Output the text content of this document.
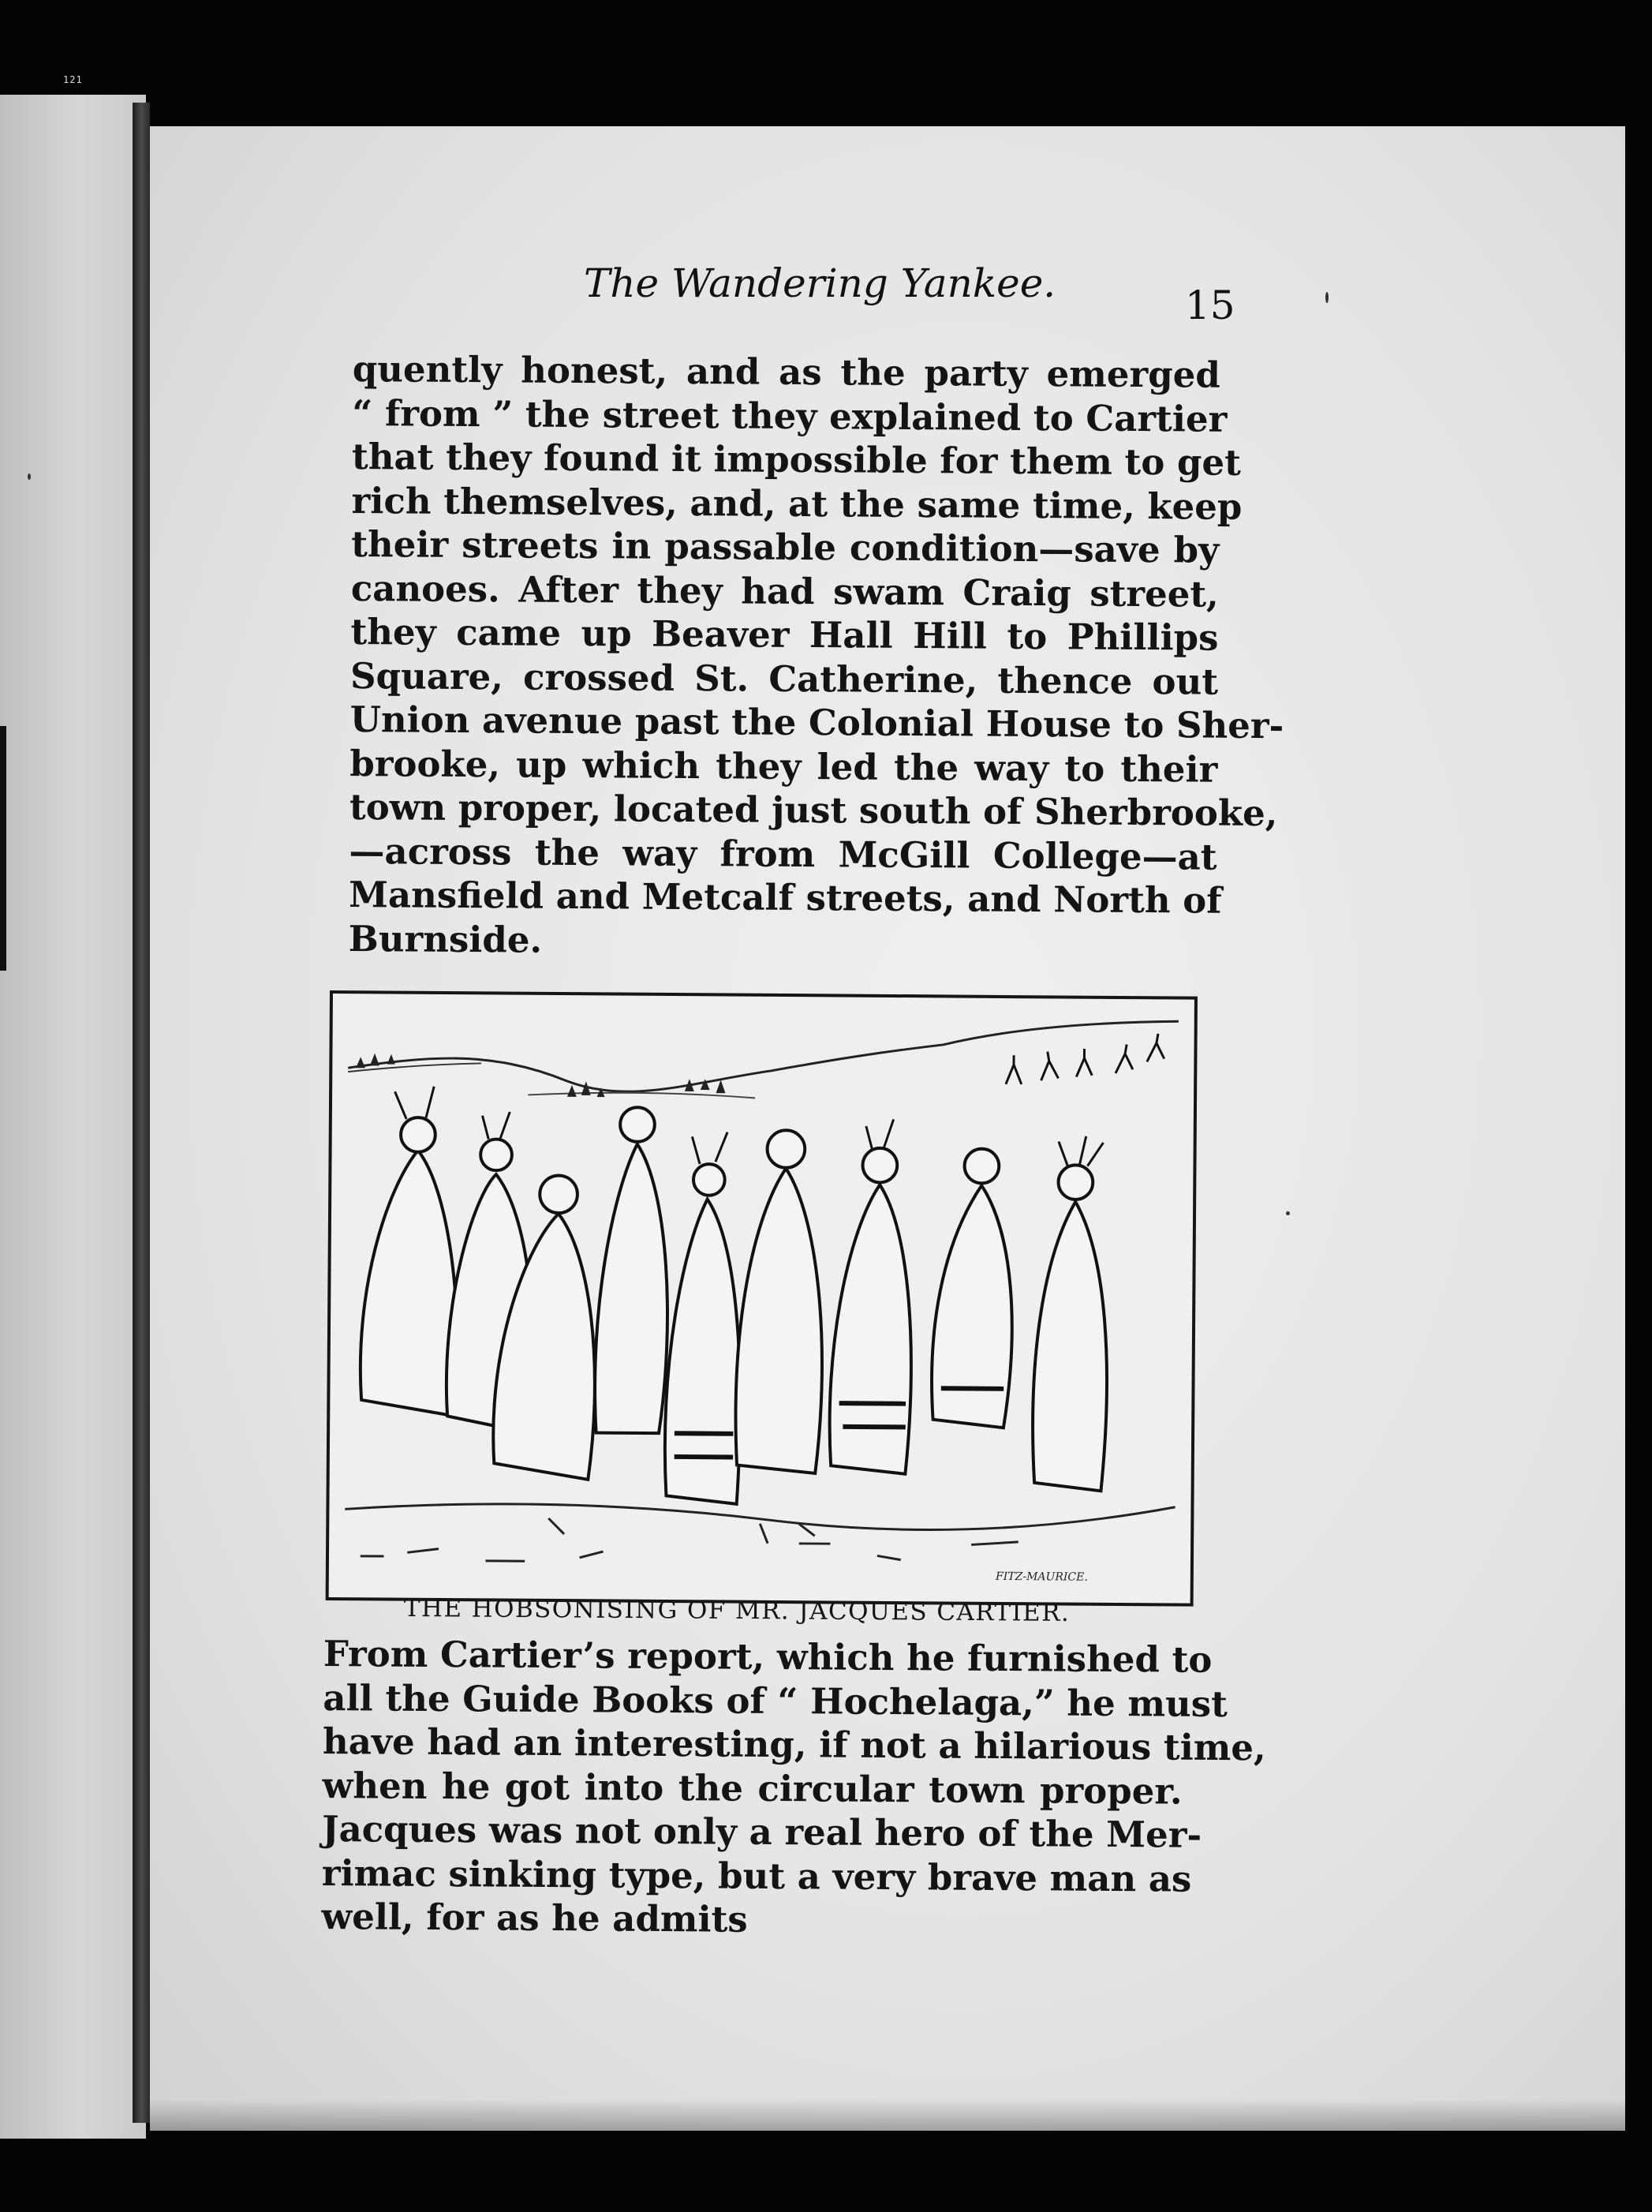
121
The Wandering Yankee.	15

quently honest, and as the party emerged
“ from ” the street they explained to Cartier
that they found it impossible for them to get
rich themselves, and, at the same time, keep
their streets in passable condition—save by
canoes. After they had swam Craig street,
they came up Beaver Hall Hill to Phillips
Square, crossed St. Catherine, thence out
Union avenue past the Colonial House to Sher-
brooke, up which they led the way to their
town proper, located just south of Sherbrooke,
—across the way from McGill College—at
Mansfield and Metcalf streets, and North of
Burnside.

FITZ-MAURICE.
THE HOBSONISING OF MR. JACQUES CARTIER.

From Cartier’s report, which he furnished to
all the Guide Books of “ Hochelaga,” he must
have had an interesting, if not a hilarious time,
when he got into the circular town proper.
Jacques was not only a real hero of the Mer-
rimac sinking type, but a very brave man as
well, for as he admits
